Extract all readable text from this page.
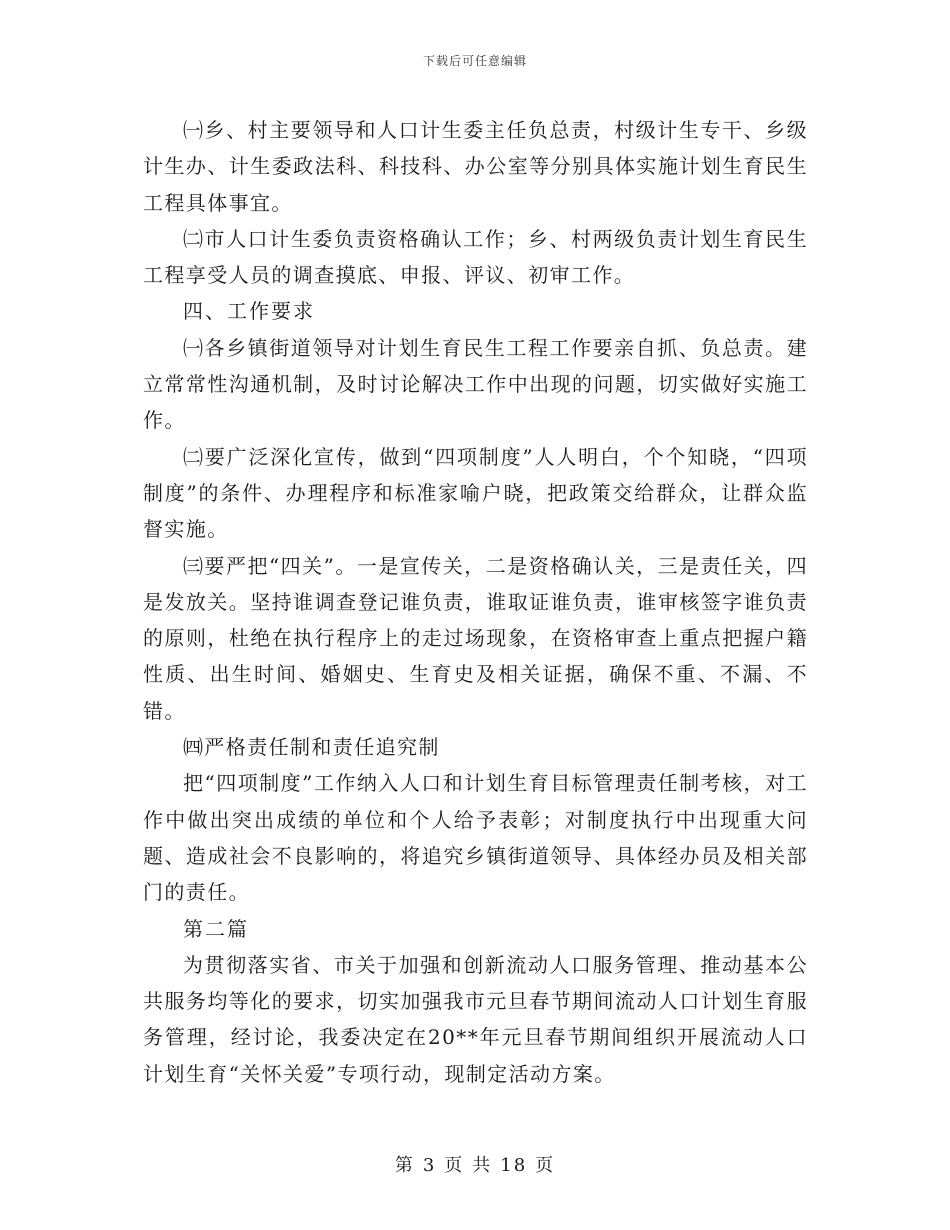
下载后可任意编辑

㈠乡、村主要领导和人口计生委主任负总责，村级计生专干、乡级计生办、计生委政法科、科技科、办公室等分别具体实施计划生育民生工程具体事宜。

㈡市人口计生委负责资格确认工作；乡、村两级负责计划生育民生工程享受人员的调查摸底、申报、评议、初审工作。

四、工作要求

㈠各乡镇街道领导对计划生育民生工程工作要亲自抓、负总责。建立常常性沟通机制，及时讨论解决工作中出现的问题，切实做好实施工作。

㈡要广泛深化宣传，做到“四项制度”人人明白，个个知晓，“四项制度”的条件、办理程序和标准家喻户晓，把政策交给群众，让群众监督实施。

㈢要严把“四关”。一是宣传关，二是资格确认关，三是责任关，四是发放关。坚持谁调查登记谁负责，谁取证谁负责，谁审核签字谁负责的原则，杜绝在执行程序上的走过场现象，在资格审查上重点把握户籍性质、出生时间、婚姻史、生育史及相关证据，确保不重、不漏、不错。

㈣严格责任制和责任追究制

把“四项制度”工作纳入人口和计划生育目标管理责任制考核，对工作中做出突出成绩的单位和个人给予表彰；对制度执行中出现重大问题、造成社会不良影响的，将追究乡镇街道领导、具体经办员及相关部门的责任。

第二篇

为贯彻落实省、市关于加强和创新流动人口服务管理、推动基本公共服务均等化的要求，切实加强我市元旦春节期间流动人口计划生育服务管理，经讨论，我委决定在20**年元旦春节期间组织开展流动人口计划生育“关怀关爱”专项行动，现制定活动方案。

第 3 页 共 18 页
